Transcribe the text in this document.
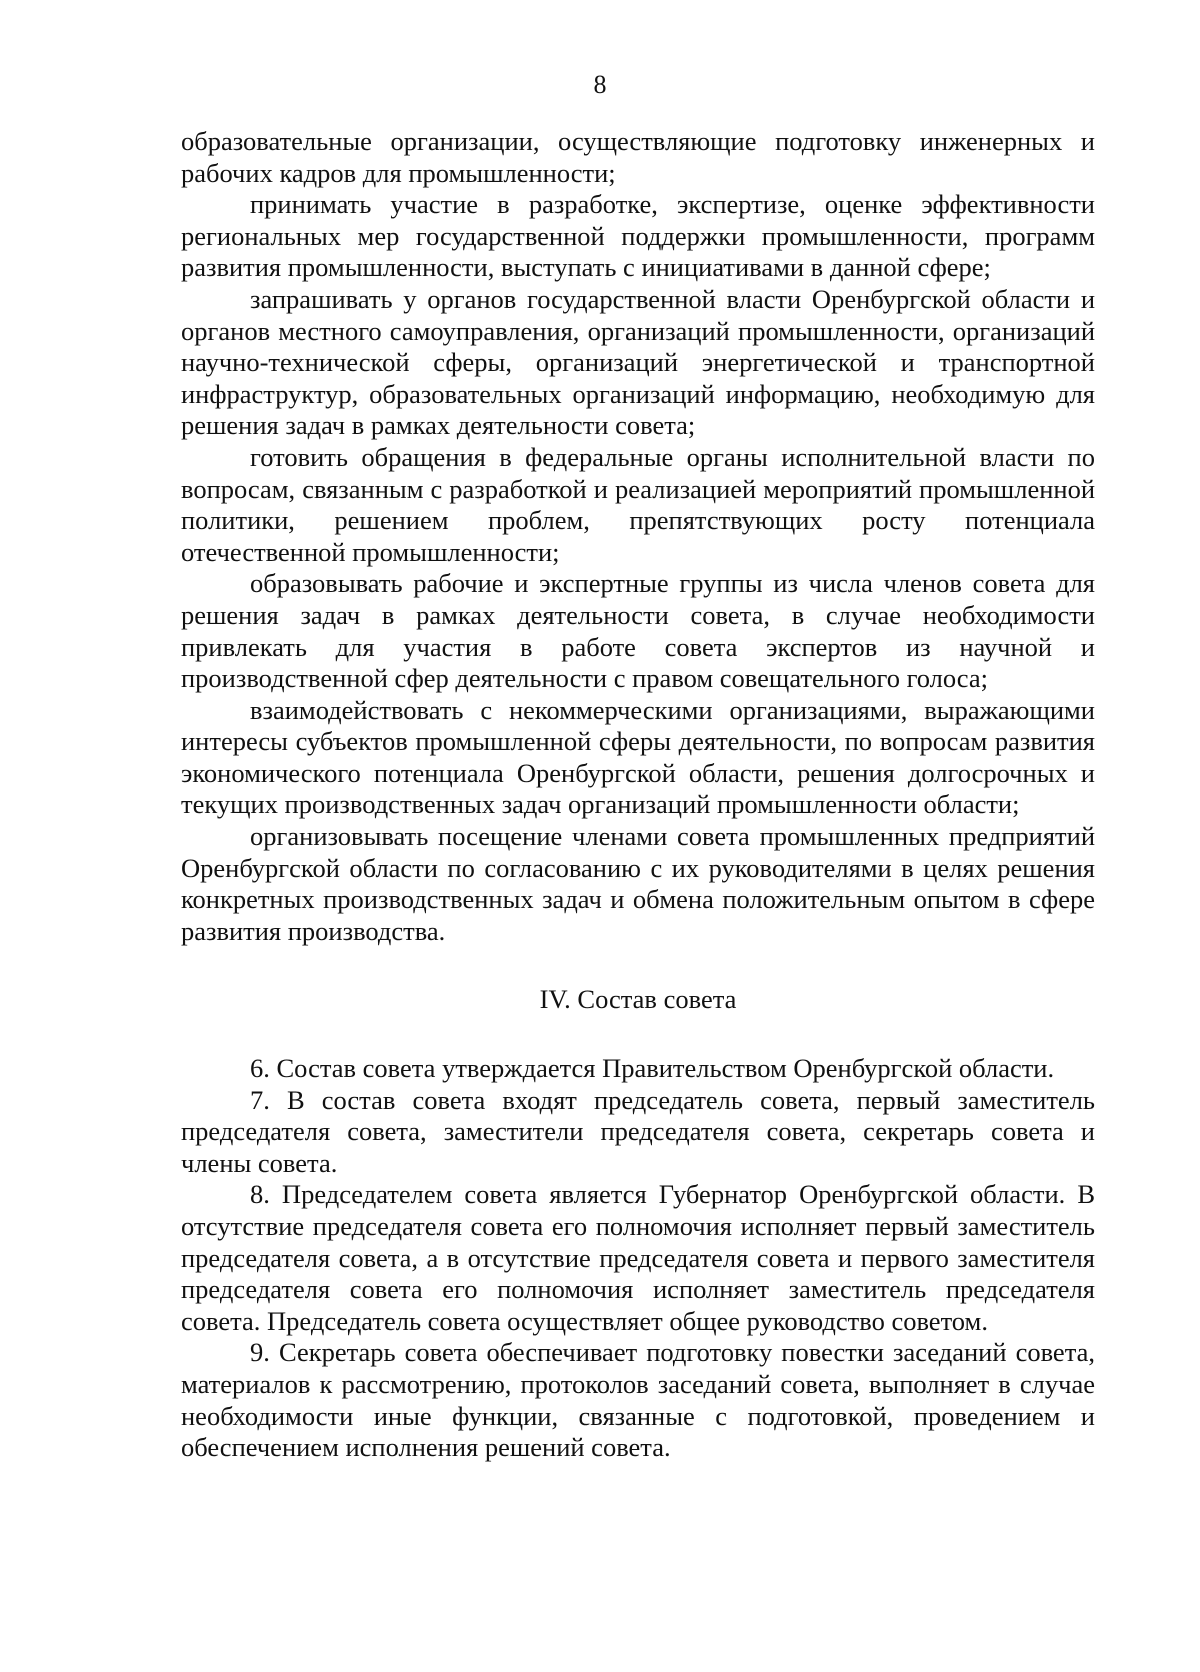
8

образовательные организации, осуществляющие подготовку инженерных и рабочих кадров для промышленности;

принимать участие в разработке, экспертизе, оценке эффективности региональных мер государственной поддержки промышленности, программ развития промышленности, выступать с инициативами в данной сфере;

запрашивать у органов государственной власти Оренбургской области и органов местного самоуправления, организаций промышленности, организаций научно-технической сферы, организаций энергетической и транспортной инфраструктур, образовательных организаций информацию, необходимую для решения задач в рамках деятельности совета;

готовить обращения в федеральные органы исполнительной власти по вопросам, связанным с разработкой и реализацией мероприятий промышленной политики, решением проблем, препятствующих росту потенциала отечественной промышленности;

образовывать рабочие и экспертные группы из числа членов совета для решения задач в рамках деятельности совета, в случае необходимости привлекать для участия в работе совета экспертов из научной и производственной сфер деятельности с правом совещательного голоса;

взаимодействовать с некоммерческими организациями, выражающими интересы субъектов промышленной сферы деятельности, по вопросам развития экономического потенциала Оренбургской области, решения долгосрочных и текущих производственных задач организаций промышленности области;

организовывать посещение членами совета промышленных предприятий Оренбургской области по согласованию с их руководителями в целях решения конкретных производственных задач и обмена положительным опытом в сфере развития производства.

IV. Состав совета

6. Состав совета утверждается Правительством Оренбургской области.

7. В состав совета входят председатель совета, первый заместитель председателя совета, заместители председателя совета, секретарь совета и члены совета.

8. Председателем совета является Губернатор Оренбургской области. В отсутствие председателя совета его полномочия исполняет первый заместитель председателя совета, а в отсутствие председателя совета и первого заместителя председателя совета его полномочия исполняет заместитель председателя совета. Председатель совета осуществляет общее руководство советом.

9. Секретарь совета обеспечивает подготовку повестки заседаний совета, материалов к рассмотрению, протоколов заседаний совета, выполняет в случае необходимости иные функции, связанные с подготовкой, проведением и обеспечением исполнения решений совета.
